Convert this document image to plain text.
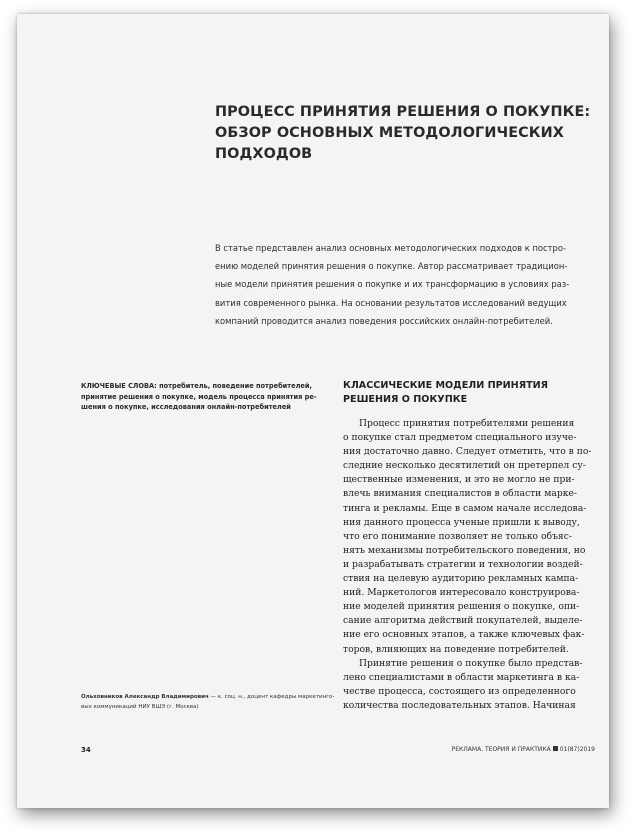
ПРОЦЕСС ПРИНЯТИЯ РЕШЕНИЯ О ПОКУПКЕ:
ОБЗОР ОСНОВНЫХ МЕТОДОЛОГИЧЕСКИХ
ПОДХОДОВ
В статье представлен анализ основных методологических подходов к постро-
ению моделей принятия решения о покупке. Автор рассматривает традицион-
ные модели принятия решения о покупке и их трансформацию в условиях раз-
вития современного рынка. На основании результатов исследований ведущих
компаний проводится анализ поведения российских онлайн-потребителей.
КЛЮЧЕВЫЕ СЛОВА: потребитель, поведение потребителей,
принятие решения о покупке, модель процесса принятия ре-
шения о покупке, исследования онлайн-потребителей
Ольховников Александр Владимирович — к. соц. н., доцент кафедры маркетинго-
вых коммуникаций НИУ ВШЭ (г. Москва)
КЛАССИЧЕСКИЕ МОДЕЛИ ПРИНЯТИЯ
РЕШЕНИЯ О ПОКУПКЕ
Процесс принятия потребителями решения
о покупке стал предметом специального изуче-
ния достаточно давно. Следует отметить, что в по-
следние несколько десятилетий он претерпел су-
щественные изменения, и это не могло не при-
влечь внимания специалистов в области марке-
тинга и рекламы. Еще в самом начале исследова-
ния данного процесса ученые пришли к выводу,
что его понимание позволяет не только объяс-
нять механизмы потребительского поведения, но
и разрабатывать стратегии и технологии воздей-
ствия на целевую аудиторию рекламных кампа-
ний. Маркетологов интересовало конструирова-
ние моделей принятия решения о покупке, опи-
сание алгоритма действий покупателей, выделе-
ние его основных этапов, а также ключевых фак-
торов, влияющих на поведение потребителей.
Принятие решения о покупке было представ-
лено специалистами в области маркетинга в ка-
честве процесса, состоящего из определенного
количества последовательных этапов. Начиная
34	РЕКЛАМА. ТЕОРИЯ И ПРАКТИКА 01(87)2019
